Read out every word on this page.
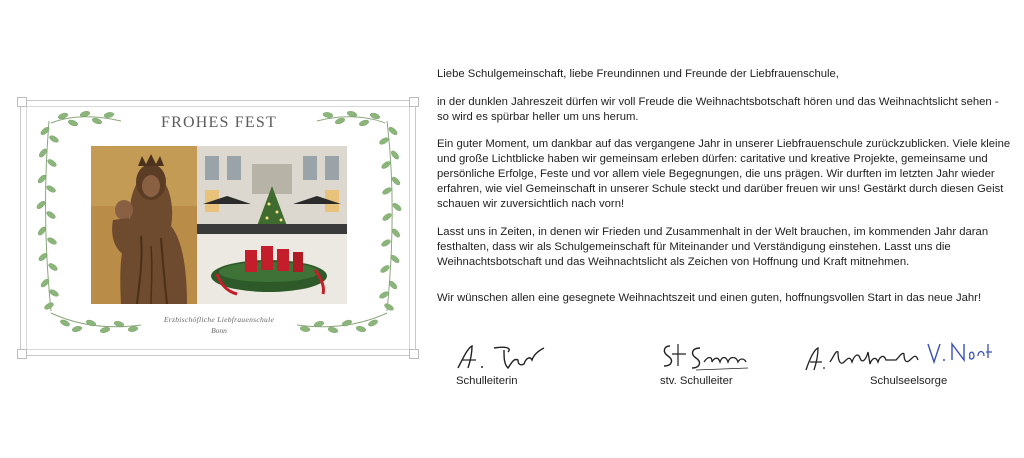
FROHES FEST
Erzbischöfliche Liebfrauenschule
Bonn

Liebe Schulgemeinschaft, liebe Freundinnen und Freunde der Liebfrauenschule,

in der dunklen Jahreszeit dürfen wir voll Freude die Weihnachtsbotschaft hören und das Weihnachtslicht sehen - so wird es spürbar heller um uns herum.

Ein guter Moment, um dankbar auf das vergangene Jahr in unserer Liebfrauenschule zurückzublicken. Viele kleine und große Lichtblicke haben wir gemeinsam erleben dürfen: caritative und kreative Projekte, gemeinsame und persönliche Erfolge, Feste und vor allem viele Begegnungen, die uns prägen. Wir durften im letzten Jahr wieder erfahren, wie viel Gemeinschaft in unserer Schule steckt und darüber freuen wir uns! Gestärkt durch diesen Geist schauen wir zuversichtlich nach vorn!

Lasst uns in Zeiten, in denen wir Frieden und Zusammenhalt in der Welt brauchen, im kommenden Jahr daran festhalten, dass wir als Schulgemeinschaft für Miteinander und Verständigung einstehen. Lasst uns die Weihnachtsbotschaft und das Weihnachtslicht als Zeichen von Hoffnung und Kraft mitnehmen.

Wir wünschen allen eine gesegnete Weihnachtszeit und einen guten, hoffnungsvollen Start in das neue Jahr!

Schulleiterin	stv. Schulleiter	Schulseelsorge
